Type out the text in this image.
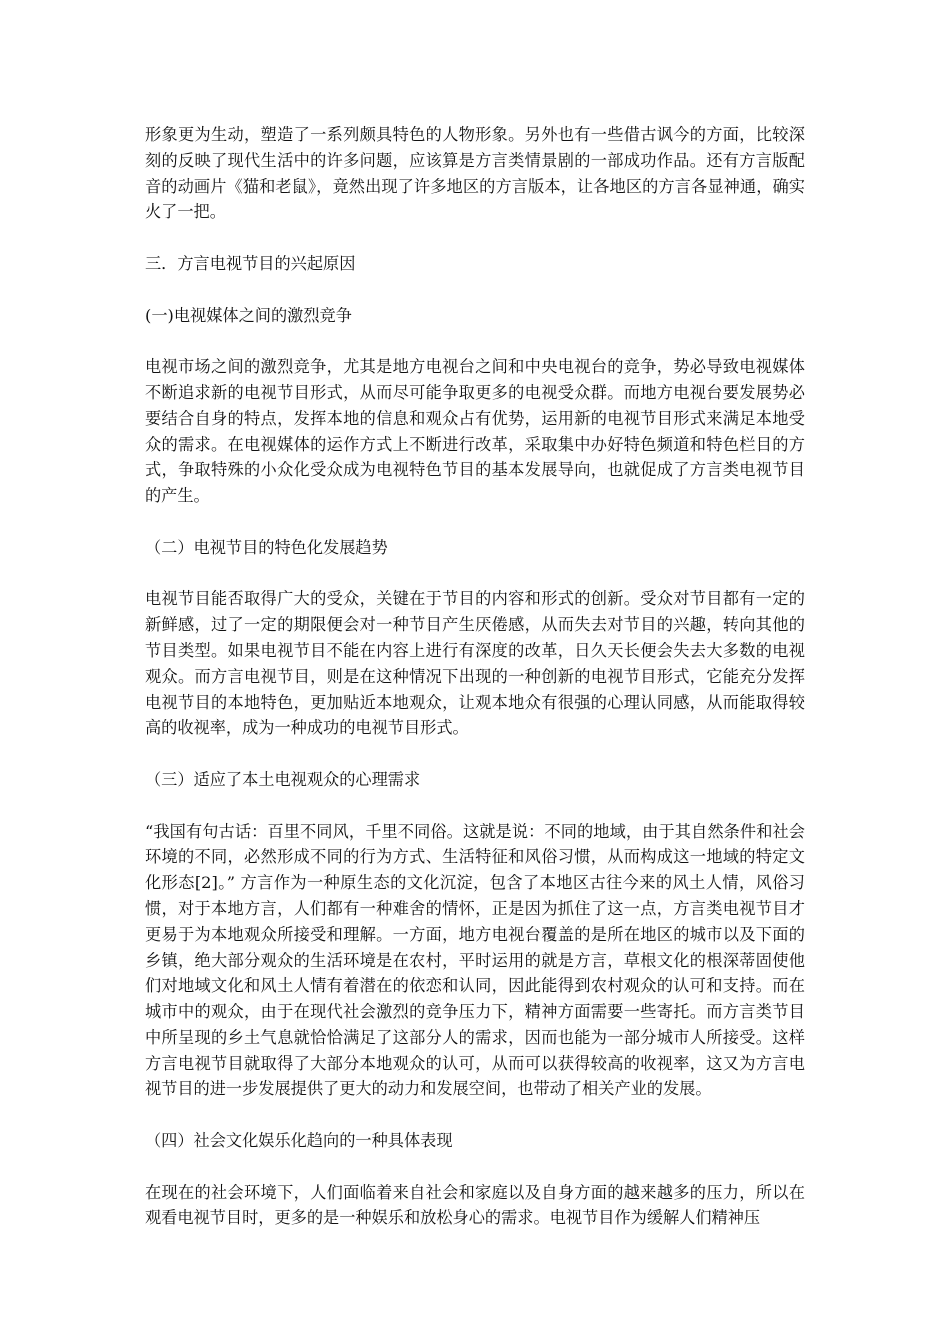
形象更为生动，塑造了一系列颇具特色的人物形象。另外也有一些借古讽今的方面，比较深刻的反映了现代生活中的许多问题，应该算是方言类情景剧的一部成功作品。还有方言版配音的动画片《猫和老鼠》，竟然出现了许多地区的方言版本，让各地区的方言各显神通，确实火了一把。

三．方言电视节目的兴起原因

(一)电视媒体之间的激烈竞争

电视市场之间的激烈竞争，尤其是地方电视台之间和中央电视台的竞争，势必导致电视媒体不断追求新的电视节目形式，从而尽可能争取更多的电视受众群。而地方电视台要发展势必要结合自身的特点，发挥本地的信息和观众占有优势，运用新的电视节目形式来满足本地受众的需求。在电视媒体的运作方式上不断进行改革，采取集中办好特色频道和特色栏目的方式，争取特殊的小众化受众成为电视特色节目的基本发展导向，也就促成了方言类电视节目的产生。

（二）电视节目的特色化发展趋势

电视节目能否取得广大的受众，关键在于节目的内容和形式的创新。受众对节目都有一定的新鲜感，过了一定的期限便会对一种节目产生厌倦感，从而失去对节目的兴趣，转向其他的节目类型。如果电视节目不能在内容上进行有深度的改革，日久天长便会失去大多数的电视观众。而方言电视节目，则是在这种情况下出现的一种创新的电视节目形式，它能充分发挥电视节目的本地特色，更加贴近本地观众，让观本地众有很强的心理认同感，从而能取得较高的收视率，成为一种成功的电视节目形式。

（三）适应了本土电视观众的心理需求

“我国有句古话：百里不同风，千里不同俗。这就是说：不同的地域，由于其自然条件和社会环境的不同，必然形成不同的行为方式、生活特征和风俗习惯，从而构成这一地域的特定文化形态[2]。” 方言作为一种原生态的文化沉淀，包含了本地区古往今来的风土人情，风俗习惯，对于本地方言，人们都有一种难舍的情怀，正是因为抓住了这一点，方言类电视节目才更易于为本地观众所接受和理解。一方面，地方电视台覆盖的是所在地区的城市以及下面的乡镇，绝大部分观众的生活环境是在农村，平时运用的就是方言，草根文化的根深蒂固使他们对地域文化和风土人情有着潜在的依恋和认同，因此能得到农村观众的认可和支持。而在城市中的观众，由于在现代社会激烈的竞争压力下，精神方面需要一些寄托。而方言类节目中所呈现的乡土气息就恰恰满足了这部分人的需求，因而也能为一部分城市人所接受。这样方言电视节目就取得了大部分本地观众的认可，从而可以获得较高的收视率，这又为方言电视节目的进一步发展提供了更大的动力和发展空间，也带动了相关产业的发展。

（四）社会文化娱乐化趋向的一种具体表现

在现在的社会环境下，人们面临着来自社会和家庭以及自身方面的越来越多的压力，所以在观看电视节目时，更多的是一种娱乐和放松身心的需求。电视节目作为缓解人们精神压
